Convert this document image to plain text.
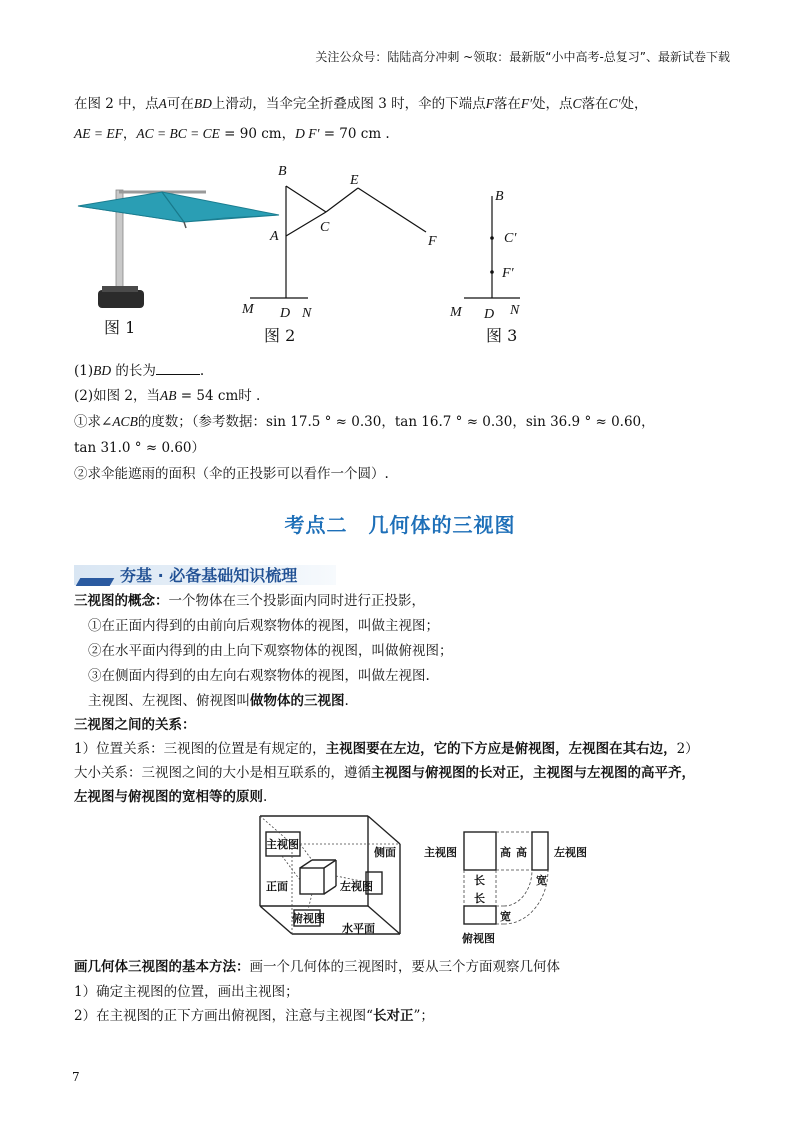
关注公众号：陆陆高分冲刺 ~领取：最新版“小中高考-总复习”、最新试卷下载
在图 2 中，点A可在BD上滑动，当伞完全折叠成图 3 时，伞的下端点F落在F′处，点C落在C′处，
AE = EF，AC = BC = CE = 90 cm，D F′ = 70 cm .
图 1
B
E
C
A	F
M D N
图 2
B
C′
F′
M D N
图 3
(1)BD 的长为	.
(2)如图 2，当AB = 54 cm时 .
①求∠ACB的度数；（参考数据：sin 17.5 ° ≈ 0.30，tan 16.7 ° ≈ 0.30，sin 36.9 ° ≈ 0.60，
tan 31.0 ° ≈ 0.60）
②求伞能遮雨的面积（伞的正投影可以看作一个圆）.
考点二　几何体的三视图
夯基 · 必备基础知识梳理
三视图的概念：一个物体在三个投影面内同时进行正投影，
①在正面内得到的由前向后观察物体的视图，叫做主视图；
②在水平面内得到的由上向下观察物体的视图，叫做俯视图；
③在侧面内得到的由左向右观察物体的视图，叫做左视图.
主视图、左视图、俯视图叫做物体的三视图.
三视图之间的关系：
1）位置关系：三视图的位置是有规定的，主视图要在左边，它的下方应是俯视图，左视图在其右边，2）
大小关系：三视图之间的大小是相互联系的，遵循主视图与俯视图的长对正，主视图与左视图的高平齐，
左视图与俯视图的宽相等的原则.
主视图
正面
侧面
左视图
俯视图
水平面
主视图	高 高 左视图
长
长
宽
宽
俯视图
画几何体三视图的基本方法：画一个几何体的三视图时，要从三个方面观察几何体
1）确定主视图的位置，画出主视图；
2）在主视图的正下方画出俯视图，注意与主视图“长对正”；
7
